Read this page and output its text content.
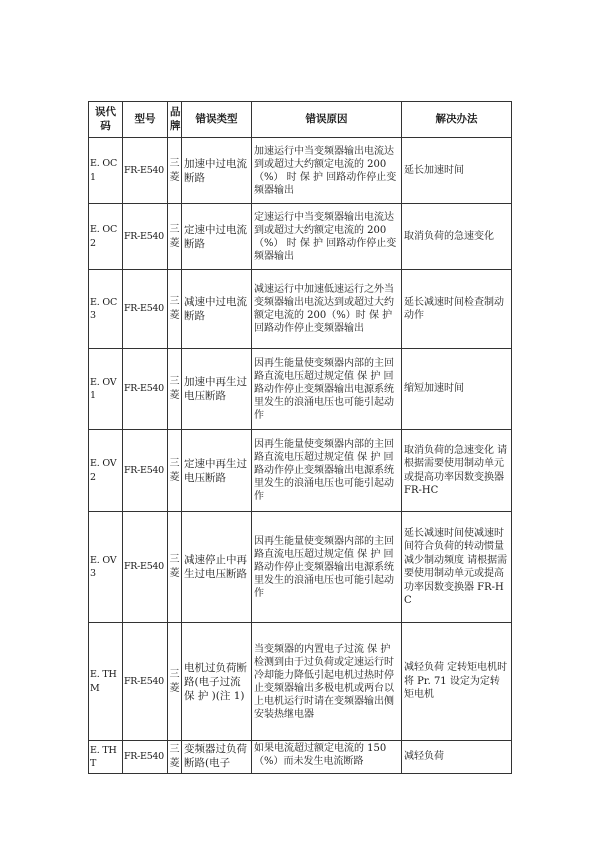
误代码	型号	品牌	错误类型	错误原因	解决办法
E. OC1	FR-E540	三菱	加速中过电流断路	加速运行中当变频器输出电流达到或超过大约额定电流的 200（%） 时 保 护 回路动作停止变频器输出	延长加速时间
E. OC2	FR-E540	三菱	定速中过电流断路	定速运行中当变频器输出电流达到或超过大约额定电流的 200（%） 时 保 护 回路动作停止变频器输出	取消负荷的急速变化
E. OC3	FR-E540	三菱	减速中过电流断路	减速运行中加速低速运行之外当变频器输出电流达到或超过大约额定电流的 200（%）时 保 护 回路动作停止变频器输出	延长减速时间检查制动动作
E. OV1	FR-E540	三菱	加速中再生过电压断路	因再生能量使变频器内部的主回路直流电压超过规定值 保 护 回路动作停止变频器输出电源系统里发生的浪涌电压也可能引起动作	缩短加速时间
E. OV2	FR-E540	三菱	定速中再生过电压断路	因再生能量使变频器内部的主回路直流电压超过规定值 保 护 回路动作停止变频器输出电源系统里发生的浪涌电压也可能引起动作	取消负荷的急速变化 请根据需要使用制动单元或提高功率因数变换器 FR-HC
E. OV3	FR-E540	三菱	减速停止中再生过电压断路	因再生能量使变频器内部的主回路直流电压超过规定值 保 护 回路动作停止变频器输出电源系统里发生的浪涌电压也可能引起动作	延长减速时间使减速时间符合负荷的转动惯量 减少制动频度 请根据需要使用制动单元或提高功率因数变换器 FR-HC
E. THM	FR-E540	三菱	电机过负荷断路(电子过流 保 护 )(注 1)	当变频器的内置电子过流 保 护 检测到由于过负荷或定速运行时冷却能力降低引起电机过热时停止变频器输出多极电机或两台以上电机运行时请在变频器输出侧安装热继电器	减轻负荷 定转矩电机时将 Pr. 71 设定为定转矩电机
E. THT	FR-E540	三菱	变频器过负荷断路(电子	如果电流超过额定电流的 150（%）而未发生电流断路	减轻负荷
